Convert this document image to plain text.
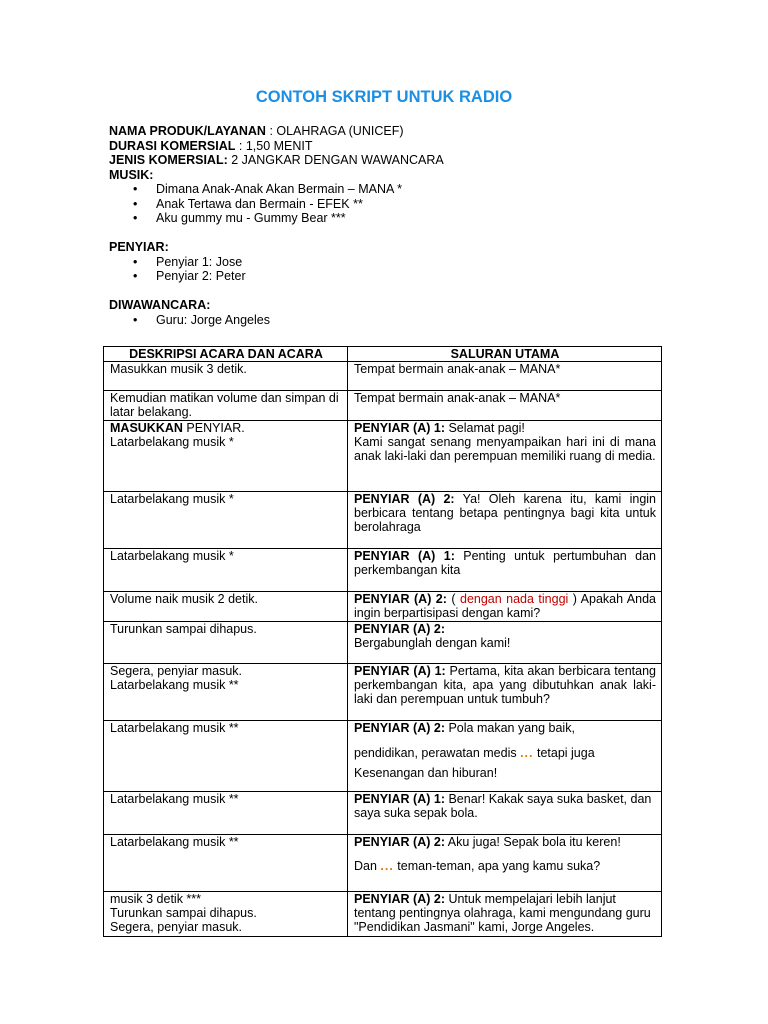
CONTOH SKRIPT UNTUK RADIO
NAMA PRODUK/LAYANAN : OLAHRAGA (UNICEF)
DURASI KOMERSIAL : 1,50 MENIT
JENIS KOMERSIAL: 2 JANGKAR DENGAN WAWANCARA
MUSIK:
• Dimana Anak-Anak Akan Bermain – MANA *
• Anak Tertawa dan Bermain - EFEK **
• Aku gummy mu - Gummy Bear ***
PENYIAR:
• Penyiar 1: Jose
• Penyiar 2: Peter
DIWAWANCARA:
• Guru: Jorge Angeles
DESKRIPSI ACARA DAN ACARA	SALURAN UTAMA
Masukkan musik 3 detik.	Tempat bermain anak-anak – MANA*
Kemudian matikan volume dan simpan di latar belakang.	Tempat bermain anak-anak – MANA*
MASUKKAN PENYIAR.
Latarbelakang musik *	PENYIAR (A) 1: Selamat pagi!
Kami sangat senang menyampaikan hari ini di mana anak laki-laki dan perempuan memiliki ruang di media.
Latarbelakang musik *	PENYIAR (A) 2: Ya! Oleh karena itu, kami ingin berbicara tentang betapa pentingnya bagi kita untuk berolahraga
Latarbelakang musik *	PENYIAR (A) 1: Penting untuk pertumbuhan dan perkembangan kita
Volume naik musik 2 detik.	PENYIAR (A) 2: ( dengan nada tinggi ) Apakah Anda ingin berpartisipasi dengan kami?
Turunkan sampai dihapus.	PENYIAR (A) 2:
Bergabunglah dengan kami!
Segera, penyiar masuk.
Latarbelakang musik **	PENYIAR (A) 1: Pertama, kita akan berbicara tentang perkembangan kita, apa yang dibutuhkan anak laki-laki dan perempuan untuk tumbuh?
Latarbelakang musik **	PENYIAR (A) 2: Pola makan yang baik,
pendidikan, perawatan medis ... tetapi juga
Kesenangan dan hiburan!
Latarbelakang musik **	PENYIAR (A) 1: Benar! Kakak saya suka basket, dan saya suka sepak bola.
Latarbelakang musik **	PENYIAR (A) 2: Aku juga! Sepak bola itu keren!
Dan ... teman-teman, apa yang kamu suka?
musik 3 detik ***
Turunkan sampai dihapus.
Segera, penyiar masuk.	PENYIAR (A) 2: Untuk mempelajari lebih lanjut tentang pentingnya olahraga, kami mengundang guru "Pendidikan Jasmani" kami, Jorge Angeles.
